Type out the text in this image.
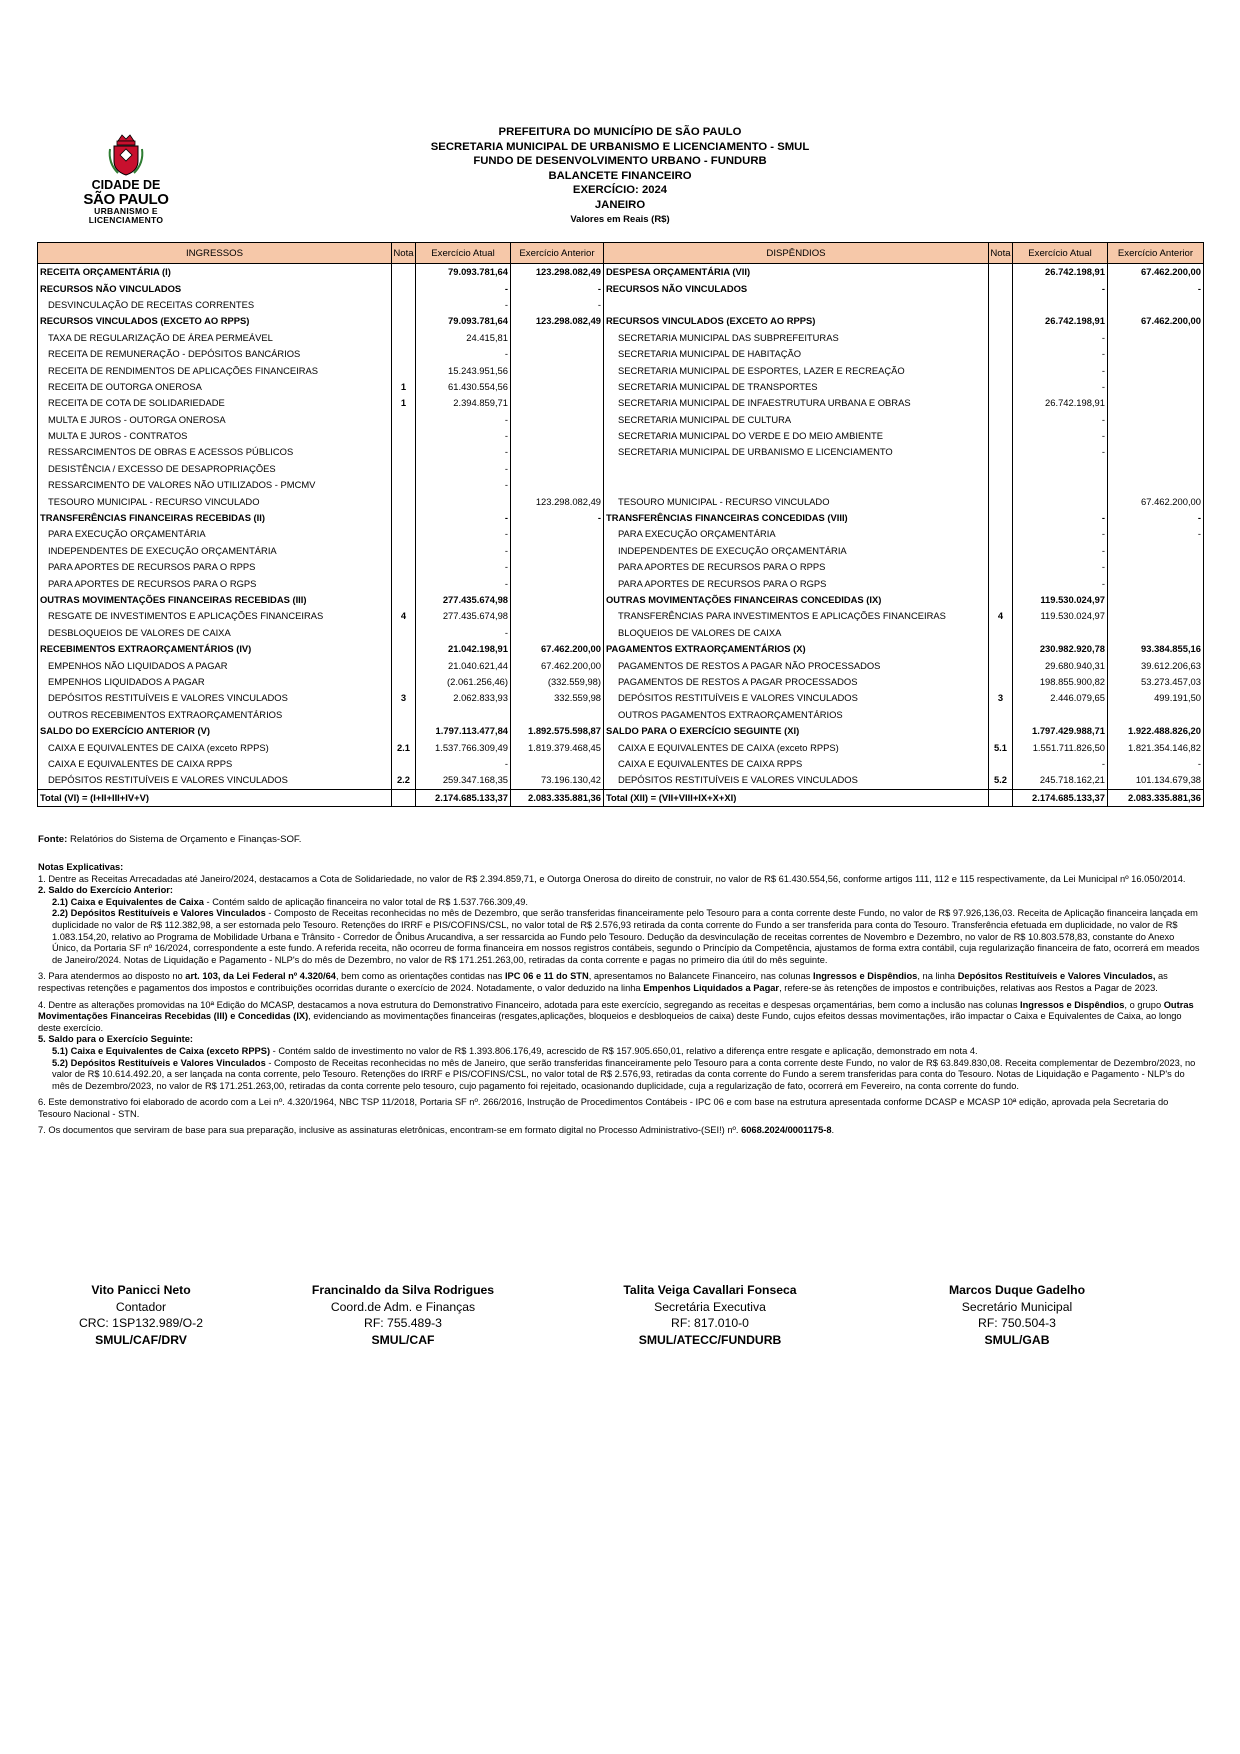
CIDADE DE
SÃO PAULO
URBANISMO E
LICENCIAMENTO
PREFEITURA DO MUNICÍPIO DE SÃO PAULO
SECRETARIA MUNICIPAL DE URBANISMO E LICENCIAMENTO - SMUL
FUNDO DE DESENVOLVIMENTO URBANO - FUNDURB
BALANCETE FINANCEIRO
EXERCÍCIO: 2024
JANEIRO
Valores em Reais (R$)
INGRESSOS	Nota	Exercício Atual	Exercício Anterior	DISPÊNDIOS	Nota	Exercício Atual	Exercício Anterior
RECEITA ORÇAMENTÁRIA (I)		79.093.781,64	123.298.082,49	DESPESA ORÇAMENTÁRIA (VII)		26.742.198,91	67.462.200,00
RECURSOS NÃO VINCULADOS		-	-	RECURSOS NÃO VINCULADOS		-	-
DESVINCULAÇÃO DE RECEITAS CORRENTES		-	-				
RECURSOS VINCULADOS (EXCETO AO RPPS)		79.093.781,64	123.298.082,49	RECURSOS VINCULADOS (EXCETO AO RPPS)		26.742.198,91	67.462.200,00
TAXA DE REGULARIZAÇÃO DE ÁREA PERMEÁVEL		24.415,81		SECRETARIA MUNICIPAL DAS SUBPREFEITURAS		-	
RECEITA DE REMUNERAÇÃO - DEPÓSITOS BANCÁRIOS		-		SECRETARIA MUNICIPAL DE HABITAÇÃO		-	
RECEITA DE RENDIMENTOS DE APLICAÇÕES FINANCEIRAS		15.243.951,56		SECRETARIA MUNICIPAL DE ESPORTES, LAZER E RECREAÇÃO		-	
RECEITA DE OUTORGA ONEROSA	1	61.430.554,56		SECRETARIA MUNICIPAL DE TRANSPORTES		-	
RECEITA DE COTA DE SOLIDARIEDADE	1	2.394.859,71		SECRETARIA MUNICIPAL DE INFAESTRUTURA URBANA E OBRAS		26.742.198,91	
MULTA E JUROS - OUTORGA ONEROSA		-		SECRETARIA MUNICIPAL DE CULTURA		-	
MULTA E JUROS - CONTRATOS		-		SECRETARIA MUNICIPAL DO VERDE E DO MEIO AMBIENTE		-	
RESSARCIMENTOS DE OBRAS E ACESSOS PÚBLICOS		-		SECRETARIA MUNICIPAL DE URBANISMO E LICENCIAMENTO		-	
DESISTÊNCIA / EXCESSO DE DESAPROPRIAÇÕES		-					
RESSARCIMENTO DE VALORES NÃO UTILIZADOS - PMCMV		-					
TESOURO MUNICIPAL - RECURSO VINCULADO			123.298.082,49	TESOURO MUNICIPAL - RECURSO VINCULADO			67.462.200,00
TRANSFERÊNCIAS FINANCEIRAS RECEBIDAS (II)		-	-	TRANSFERÊNCIAS FINANCEIRAS CONCEDIDAS (VIII)		-	-
PARA EXECUÇÃO ORÇAMENTÁRIA		-		PARA EXECUÇÃO ORÇAMENTÁRIA		-	-
INDEPENDENTES DE EXECUÇÃO ORÇAMENTÁRIA		-		INDEPENDENTES DE EXECUÇÃO ORÇAMENTÁRIA		-	
PARA APORTES DE RECURSOS PARA O RPPS		-		PARA APORTES DE RECURSOS PARA O RPPS		-	
PARA APORTES DE RECURSOS PARA O RGPS		-		PARA APORTES DE RECURSOS PARA O RGPS		-	
OUTRAS MOVIMENTAÇÕES FINANCEIRAS RECEBIDAS (III)		277.435.674,98		OUTRAS MOVIMENTAÇÕES FINANCEIRAS CONCEDIDAS (IX)		119.530.024,97	
RESGATE DE INVESTIMENTOS E APLICAÇÕES FINANCEIRAS	4	277.435.674,98		TRANSFERÊNCIAS PARA INVESTIMENTOS E APLICAÇÕES FINANCEIRAS	4	119.530.024,97	
DESBLOQUEIOS DE VALORES DE CAIXA		-		BLOQUEIOS DE VALORES DE CAIXA			
RECEBIMENTOS EXTRAORÇAMENTÁRIOS (IV)		21.042.198,91	67.462.200,00	PAGAMENTOS EXTRAORÇAMENTÁRIOS (X)		230.982.920,78	93.384.855,16
EMPENHOS NÃO LIQUIDADOS A PAGAR		21.040.621,44	67.462.200,00	PAGAMENTOS DE RESTOS A PAGAR NÃO PROCESSADOS		29.680.940,31	39.612.206,63
EMPENHOS LIQUIDADOS A PAGAR		(2.061.256,46)	(332.559,98)	PAGAMENTOS DE RESTOS A PAGAR PROCESSADOS		198.855.900,82	53.273.457,03
DEPÓSITOS RESTITUÍVEIS E VALORES VINCULADOS	3	2.062.833,93	332.559,98	DEPÓSITOS RESTITUÍVEIS E VALORES VINCULADOS	3	2.446.079,65	499.191,50
OUTROS RECEBIMENTOS EXTRAORÇAMENTÁRIOS				OUTROS PAGAMENTOS EXTRAORÇAMENTÁRIOS			
SALDO DO EXERCÍCIO ANTERIOR (V)		1.797.113.477,84	1.892.575.598,87	SALDO PARA O EXERCÍCIO SEGUINTE (XI)		1.797.429.988,71	1.922.488.826,20
CAIXA E EQUIVALENTES DE CAIXA (exceto RPPS)	2.1	1.537.766.309,49	1.819.379.468,45	CAIXA E EQUIVALENTES DE CAIXA (exceto RPPS)	5.1	1.551.711.826,50	1.821.354.146,82
CAIXA E EQUIVALENTES DE CAIXA RPPS		-		CAIXA E EQUIVALENTES DE CAIXA RPPS		-	-
DEPÓSITOS RESTITUÍVEIS E VALORES VINCULADOS	2.2	259.347.168,35	73.196.130,42	DEPÓSITOS RESTITUÍVEIS E VALORES VINCULADOS	5.2	245.718.162,21	101.134.679,38
Total (VI) = (I+II+III+IV+V)		2.174.685.133,37	2.083.335.881,36	Total (XII) = (VII+VIII+IX+X+XI)		2.174.685.133,37	2.083.335.881,36
Fonte: Relatórios do Sistema de Orçamento e Finanças-SOF.

Notas Explicativas:

1. Dentre as Receitas Arrecadadas até Janeiro/2024, destacamos a Cota de Solidariedade, no valor de R$ 2.394.859,71, e Outorga Onerosa do direito de construir, no valor de R$ 61.430.554,56, conforme artigos 111, 112 e 115 respectivamente, da Lei Municipal nº 16.050/2014.

2. Saldo do Exercício Anterior:

2.1) Caixa e Equivalentes de Caixa - Contém saldo de aplicação financeira no valor total de R$ 1.537.766.309,49.

2.2) Depósitos Restituíveis e Valores Vinculados - Composto de Receitas reconhecidas no mês de Dezembro, que serão transferidas financeiramente pelo Tesouro para a conta corrente deste Fundo, no valor de R$ 97.926,136,03. Receita de Aplicação financeira lançada em duplicidade no valor de R$ 112.382,98, a ser estornada pelo Tesouro. Retenções do IRRF e PIS/COFINS/CSL, no valor total de R$ 2.576,93 retirada da conta corrente do Fundo a ser transferida para conta do Tesouro. Transferência efetuada em duplicidade, no valor de R$ 1.083.154,20, relativo ao Programa de Mobilidade Urbana e Trânsito - Corredor de Ônibus Arucandiva, a ser ressarcida ao Fundo pelo Tesouro. Dedução da desvinculação de receitas correntes de Novembro e Dezembro, no valor de R$ 10.803.578,83, constante do Anexo Único, da Portaria SF nº 16/2024, correspondente a este fundo. A referida receita, não ocorreu de forma financeira em nossos registros contábeis, segundo o Princípio da Competência, ajustamos de forma extra contábil, cuja regularização financeira de fato, ocorrerá em meados de Janeiro/2024. Notas de Liquidação e Pagamento - NLP's do mês de Dezembro, no valor de R$ 171.251.263,00, retiradas da conta corrente e pagas no primeiro dia útil do mês seguinte.

3. Para atendermos ao disposto no art. 103, da Lei Federal nº 4.320/64, bem como as orientações contidas nas IPC 06 e 11 do STN, apresentamos no Balancete Financeiro, nas colunas Ingressos e Dispêndios, na linha Depósitos Restituíveis e Valores Vinculados, as respectivas retenções e pagamentos dos impostos e contribuições ocorridas durante o exercício de 2024. Notadamente, o valor deduzido na linha Empenhos Liquidados a Pagar, refere-se às retenções de impostos e contribuições, relativas aos Restos a Pagar de 2023.

4. Dentre as alterações promovidas na 10ª Edição do MCASP, destacamos a nova estrutura do Demonstrativo Financeiro, adotada para este exercício, segregando as receitas e despesas orçamentárias, bem como a inclusão nas colunas Ingressos e Dispêndios, o grupo Outras Movimentações Financeiras Recebidas (III) e Concedidas (IX), evidenciando as movimentações financeiras (resgates,aplicações, bloqueios e desbloqueios de caixa) deste Fundo, cujos efeitos dessas movimentações, irão impactar o Caixa e Equivalentes de Caixa, ao longo deste exercício.

5. Saldo para o Exercício Seguinte:

5.1) Caixa e Equivalentes de Caixa (exceto RPPS) - Contém saldo de investimento no valor de R$ 1.393.806.176,49, acrescido de R$ 157.905.650,01, relativo a diferença entre resgate e aplicação, demonstrado em nota 4.

5.2) Depósitos Restituíveis e Valores Vinculados - Composto de Receitas reconhecidas no mês de Janeiro, que serão transferidas financeiramente pelo Tesouro para a conta corrente deste Fundo, no valor de R$ 63.849.830,08. Receita complementar de Dezembro/2023, no valor de R$ 10.614.492.20, a ser lançada na conta corrente, pelo Tesouro. Retenções do IRRF e PIS/COFINS/CSL, no valor total de R$ 2.576,93, retiradas da conta corrente do Fundo a serem transferidas para conta do Tesouro. Notas de Liquidação e Pagamento - NLP's do mês de Dezembro/2023, no valor de R$ 171.251.263,00, retiradas da conta corrente pelo tesouro, cujo pagamento foi rejeitado, ocasionando duplicidade, cuja a regularização de fato, ocorrerá em Fevereiro, na conta corrente do fundo.

6. Este demonstrativo foi elaborado de acordo com a Lei nº. 4.320/1964, NBC TSP 11/2018, Portaria SF nº. 266/2016, Instrução de Procedimentos Contábeis - IPC 06 e com base na estrutura apresentada conforme DCASP e MCASP 10ª edição, aprovada pela Secretaria do Tesouro Nacional - STN.

7. Os documentos que serviram de base para sua preparação, inclusive as assinaturas eletrônicas, encontram-se em formato digital no Processo Administrativo-(SEI!) nº. 6068.2024/0001175-8.

Vito Panicci Neto
Contador
CRC: 1SP132.989/O-2
SMUL/CAF/DRV
Francinaldo da Silva Rodrigues
Coord.de Adm. e Finanças
RF: 755.489-3
SMUL/CAF
Talita Veiga Cavallari Fonseca
Secretária Executiva
RF: 817.010-0
SMUL/ATECC/FUNDURB
Marcos Duque Gadelho
Secretário Municipal
RF: 750.504-3
SMUL/GAB
